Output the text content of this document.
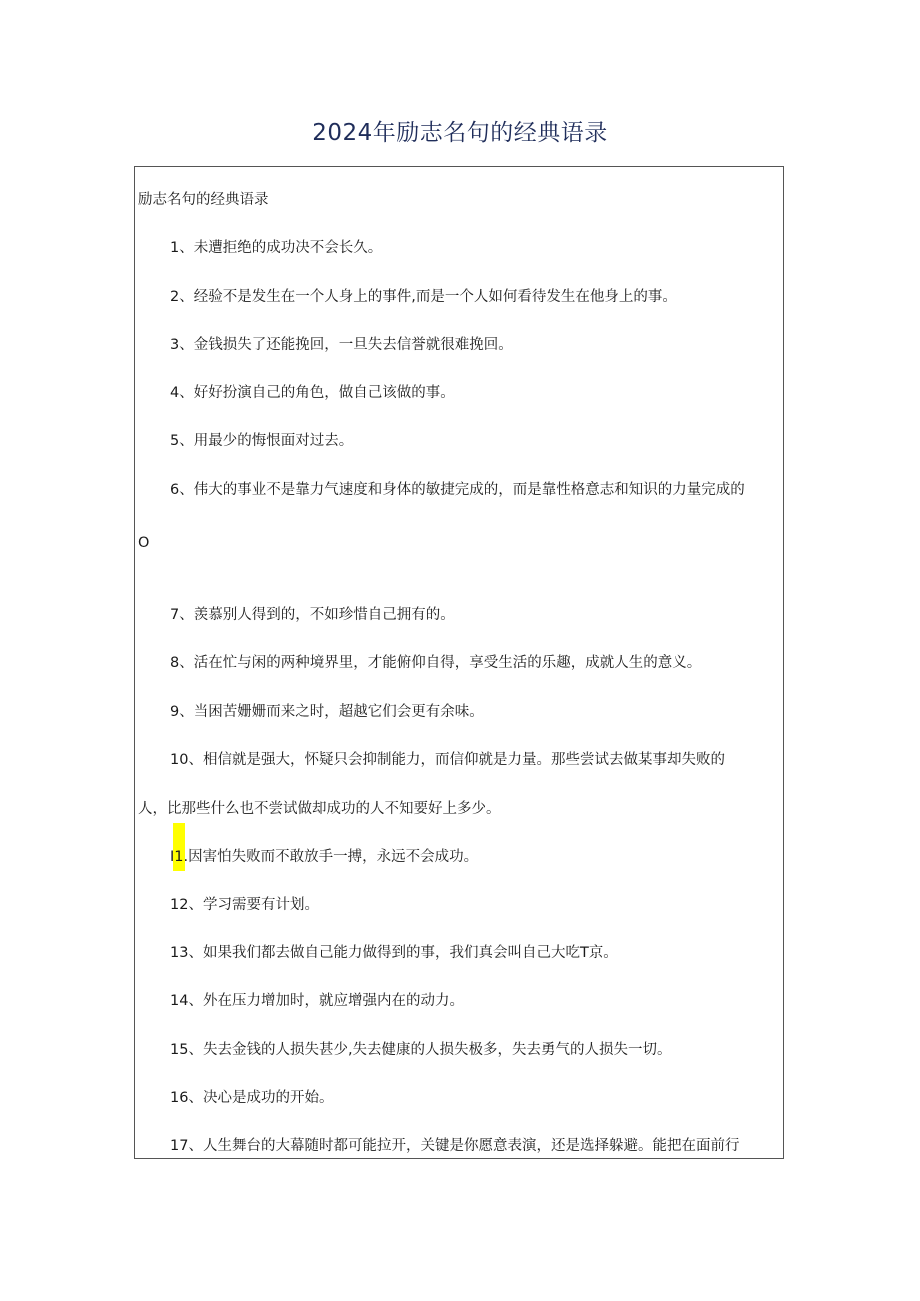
2024年励志名句的经典语录
励志名句的经典语录
1、未遭拒绝的成功决不会长久。
2、经验不是发生在一个人身上的事件,而是一个人如何看待发生在他身上的事。
3、金钱损失了还能挽回，一旦失去信誉就很难挽回。
4、好好扮演自己的角色，做自己该做的事。
5、用最少的悔恨面对过去。
6、伟大的事业不是靠力气速度和身体的敏捷完成的，而是靠性格意志和知识的力量完成的
O
7、羡慕别人得到的，不如珍惜自己拥有的。
8、活在忙与闲的两种境界里，才能俯仰自得，享受生活的乐趣，成就人生的意义。
9、当困苦姗姗而来之时，超越它们会更有余味。
10、相信就是强大，怀疑只会抑制能力，而信仰就是力量。那些尝试去做某事却失败的
人，比那些什么也不尝试做却成功的人不知要好上多少。
I1.因害怕失败而不敢放手一搏，永远不会成功。
12、学习需要有计划。
13、如果我们都去做自己能力做得到的事，我们真会叫自己大吃T京。
14、外在压力增加时，就应增强内在的动力。
15、失去金钱的人损失甚少,失去健康的人损失极多，失去勇气的人损失一切。
16、决心是成功的开始。
17、人生舞台的大幕随时都可能拉开，关键是你愿意表演，还是选择躲避。能把在面前行
